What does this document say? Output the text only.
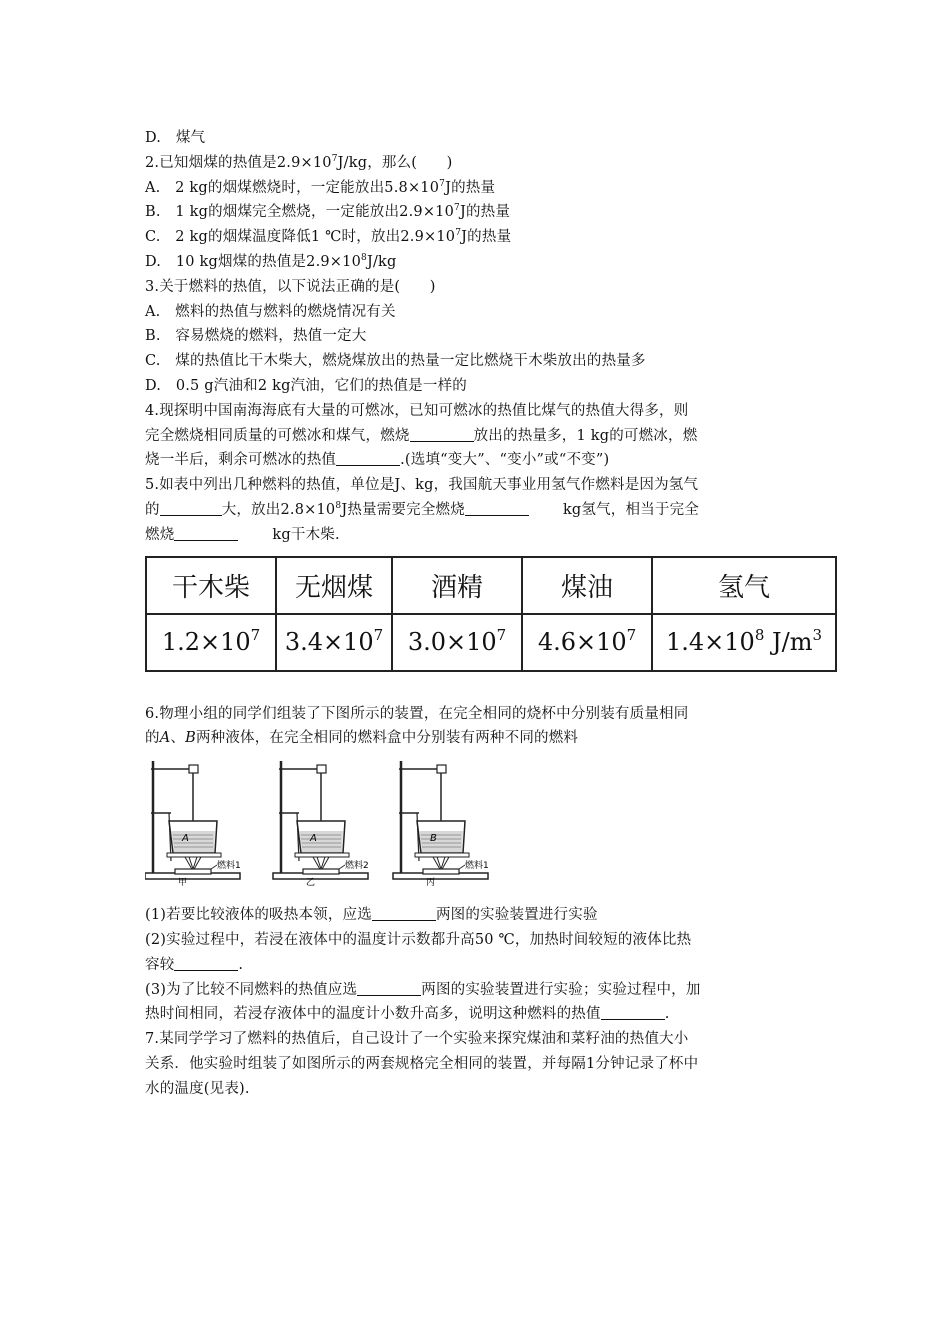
D.　煤气
2.已知烟煤的热值是$2.9\times 10^7J/kg$，那么(　　)
A.　2 kg的烟煤燃烧时，一定能放出$5.8\times 10^7J$的热量
B.　1 kg的烟煤完全燃烧，一定能放出$2.9\times 10^7J$的热量
C.　2 kg的烟煤温度降低1 ℃时，放出$2.9\times 10^7J$的热量
D.　10 kg烟煤的热值是$2.9\times 10^8J/kg$
3.关于燃料的热值，以下说法正确的是(　　)
A.　燃料的热值与燃料的燃烧情况有关
B.　容易燃烧的燃料，热值一定大
C.　煤的热值比干木柴大，燃烧煤放出的热量一定比燃烧干木柴放出的热量多
D.　0.5 g汽油和2 kg汽油，它们的热值是一样的
4.现探明中国南海海底有大量的可燃冰，已知可燃冰的热值比煤气的热值大得多，则
完全燃烧相同质量的可燃冰和煤气，燃烧	放出的热量多，1 kg的可燃冰，燃
烧一半后，剩余可燃冰的热值	.(选填“变大”、“变小”或“不变”)
5.如表中列出几种燃料的热值，单位是J、kg，我国航天事业用氢气作燃料是因为氢气
的	大，放出$2.8\times 10^8J$热量需要完全燃烧	kg氢气，相当于完全
燃烧	kg干木柴.
干木柴	无烟煤	酒精	煤油	氢气
$1.2\times 10^7$	$3.4\times 10^7$	$3.0\times 10^7$	$4.6\times 10^7$	$1.4\times 10^8$ $J/m^3$
6.物理小组的同学们组装了下图所示的装置，在完全相同的烧杯中分别装有质量相同
的A、B两种液体，在完全相同的燃料盒中分别装有两种不同的燃料
A
燃料1
甲
A
燃料2
乙
B
燃料1
丙
(1)若要比较液体的吸热本领，应选	两图的实验装置进行实验
(2)实验过程中，若浸在液体中的温度计示数都升高50 ℃，加热时间较短的液体比热
容较	.
(3)为了比较不同燃料的热值应选	两图的实验装置进行实验；实验过程中，加
热时间相同，若浸存液体中的温度计小数升高多，说明这种燃料的热值	.
7.某同学学习了燃料的热值后，自己设计了一个实验来探究煤油和菜籽油的热值大小
关系．他实验时组装了如图所示的两套规格完全相同的装置，并每隔1分钟记录了杯中
水的温度(见表).
